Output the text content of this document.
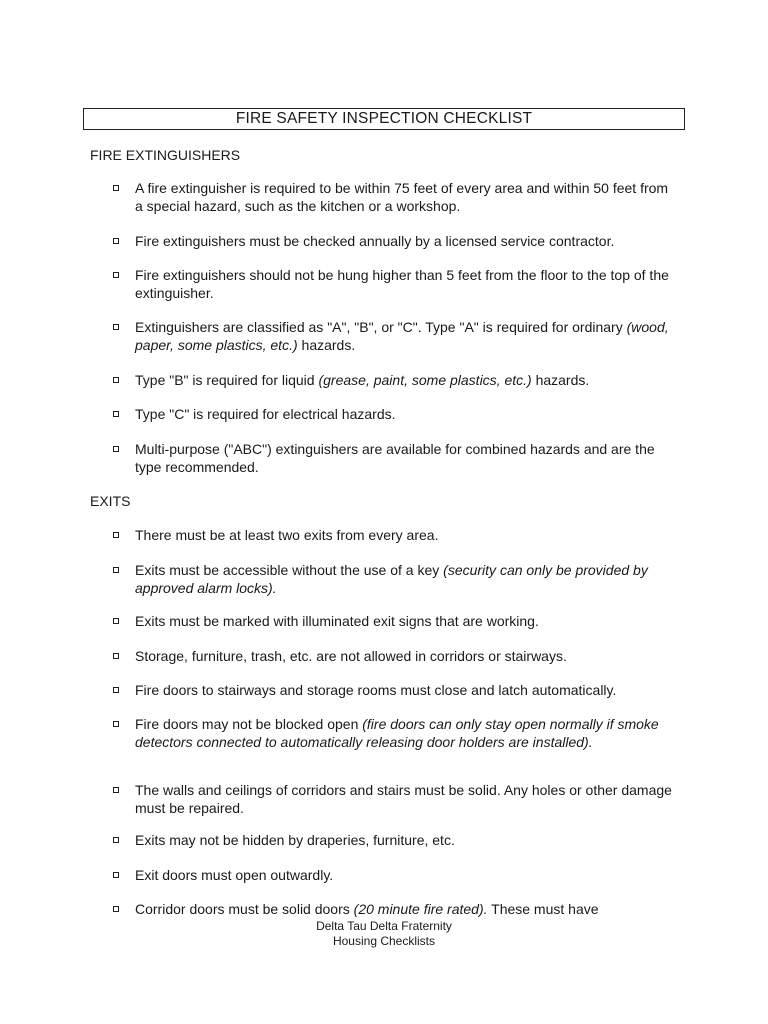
FIRE SAFETY INSPECTION CHECKLIST
FIRE EXTINGUISHERS
A fire extinguisher is required to be within 75 feet of every area and within 50 feet from a special hazard, such as the kitchen or a workshop.
Fire extinguishers must be checked annually by a licensed service contractor.
Fire extinguishers should not be hung higher than 5 feet from the floor to the top of the extinguisher.
Extinguishers are classified as "A", "B", or "C". Type "A" is required for ordinary (wood, paper, some plastics, etc.) hazards.
Type "B" is required for liquid (grease, paint, some plastics, etc.) hazards.
Type "C" is required for electrical hazards.
Multi-purpose ("ABC") extinguishers are available for combined hazards and are the type recommended.
EXITS
There must be at least two exits from every area.
Exits must be accessible without the use of a key (security can only be provided by approved alarm locks).
Exits must be marked with illuminated exit signs that are working.
Storage, furniture, trash, etc. are not allowed in corridors or stairways.
Fire doors to stairways and storage rooms must close and latch automatically.
Fire doors may not be blocked open (fire doors can only stay open normally if smoke detectors connected to automatically releasing door holders are installed).
The walls and ceilings of corridors and stairs must be solid. Any holes or other damage must be repaired.
Exits may not be hidden by draperies, furniture, etc.
Exit doors must open outwardly.
Corridor doors must be solid doors (20 minute fire rated). These must have
Delta Tau Delta Fraternity
Housing Checklists
